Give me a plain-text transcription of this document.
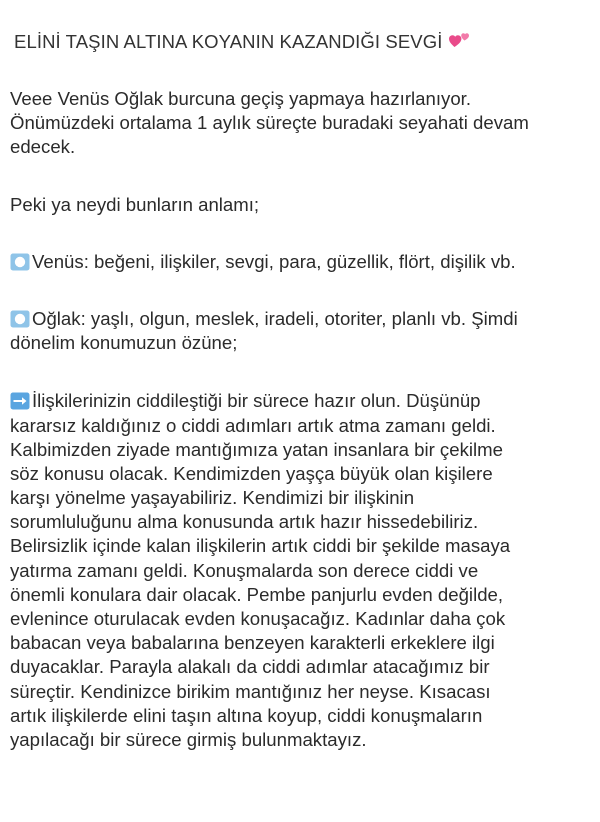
ELİNİ TAŞIN ALTINA KOYANIN KAZANDIĞI SEVGİ
Veee Venüs Oğlak burcuna geçiş yapmaya hazırlanıyor.
Önümüzdeki ortalama 1 aylık süreçte buradaki seyahati devam
edecek.
Peki ya neydi bunların anlamı;
Venüs: beğeni, ilişkiler, sevgi, para, güzellik, flört, dişilik vb.
Oğlak: yaşlı, olgun, meslek, iradeli, otoriter, planlı vb. Şimdi
dönelim konumuzun özüne;
İlişkilerinizin ciddileştiği bir sürece hazır olun. Düşünüp
kararsız kaldığınız o ciddi adımları artık atma zamanı geldi.
Kalbimizden ziyade mantığımıza yatan insanlara bir çekilme
söz konusu olacak. Kendimizden yaşça büyük olan kişilere
karşı yönelme yaşayabiliriz. Kendimizi bir ilişkinin
sorumluluğunu alma konusunda artık hazır hissedebiliriz.
Belirsizlik içinde kalan ilişkilerin artık ciddi bir şekilde masaya
yatırma zamanı geldi. Konuşmalarda son derece ciddi ve
önemli konulara dair olacak. Pembe panjurlu evden değilde,
evlenince oturulacak evden konuşacağız. Kadınlar daha çok
babacan veya babalarına benzeyen karakterli erkeklere ilgi
duyacaklar. Parayla alakalı da ciddi adımlar atacağımız bir
süreçtir. Kendinizce birikim mantığınız her neyse. Kısacası
artık ilişkilerde elini taşın altına koyup, ciddi konuşmaların
yapılacağı bir sürece girmiş bulunmaktayız.
